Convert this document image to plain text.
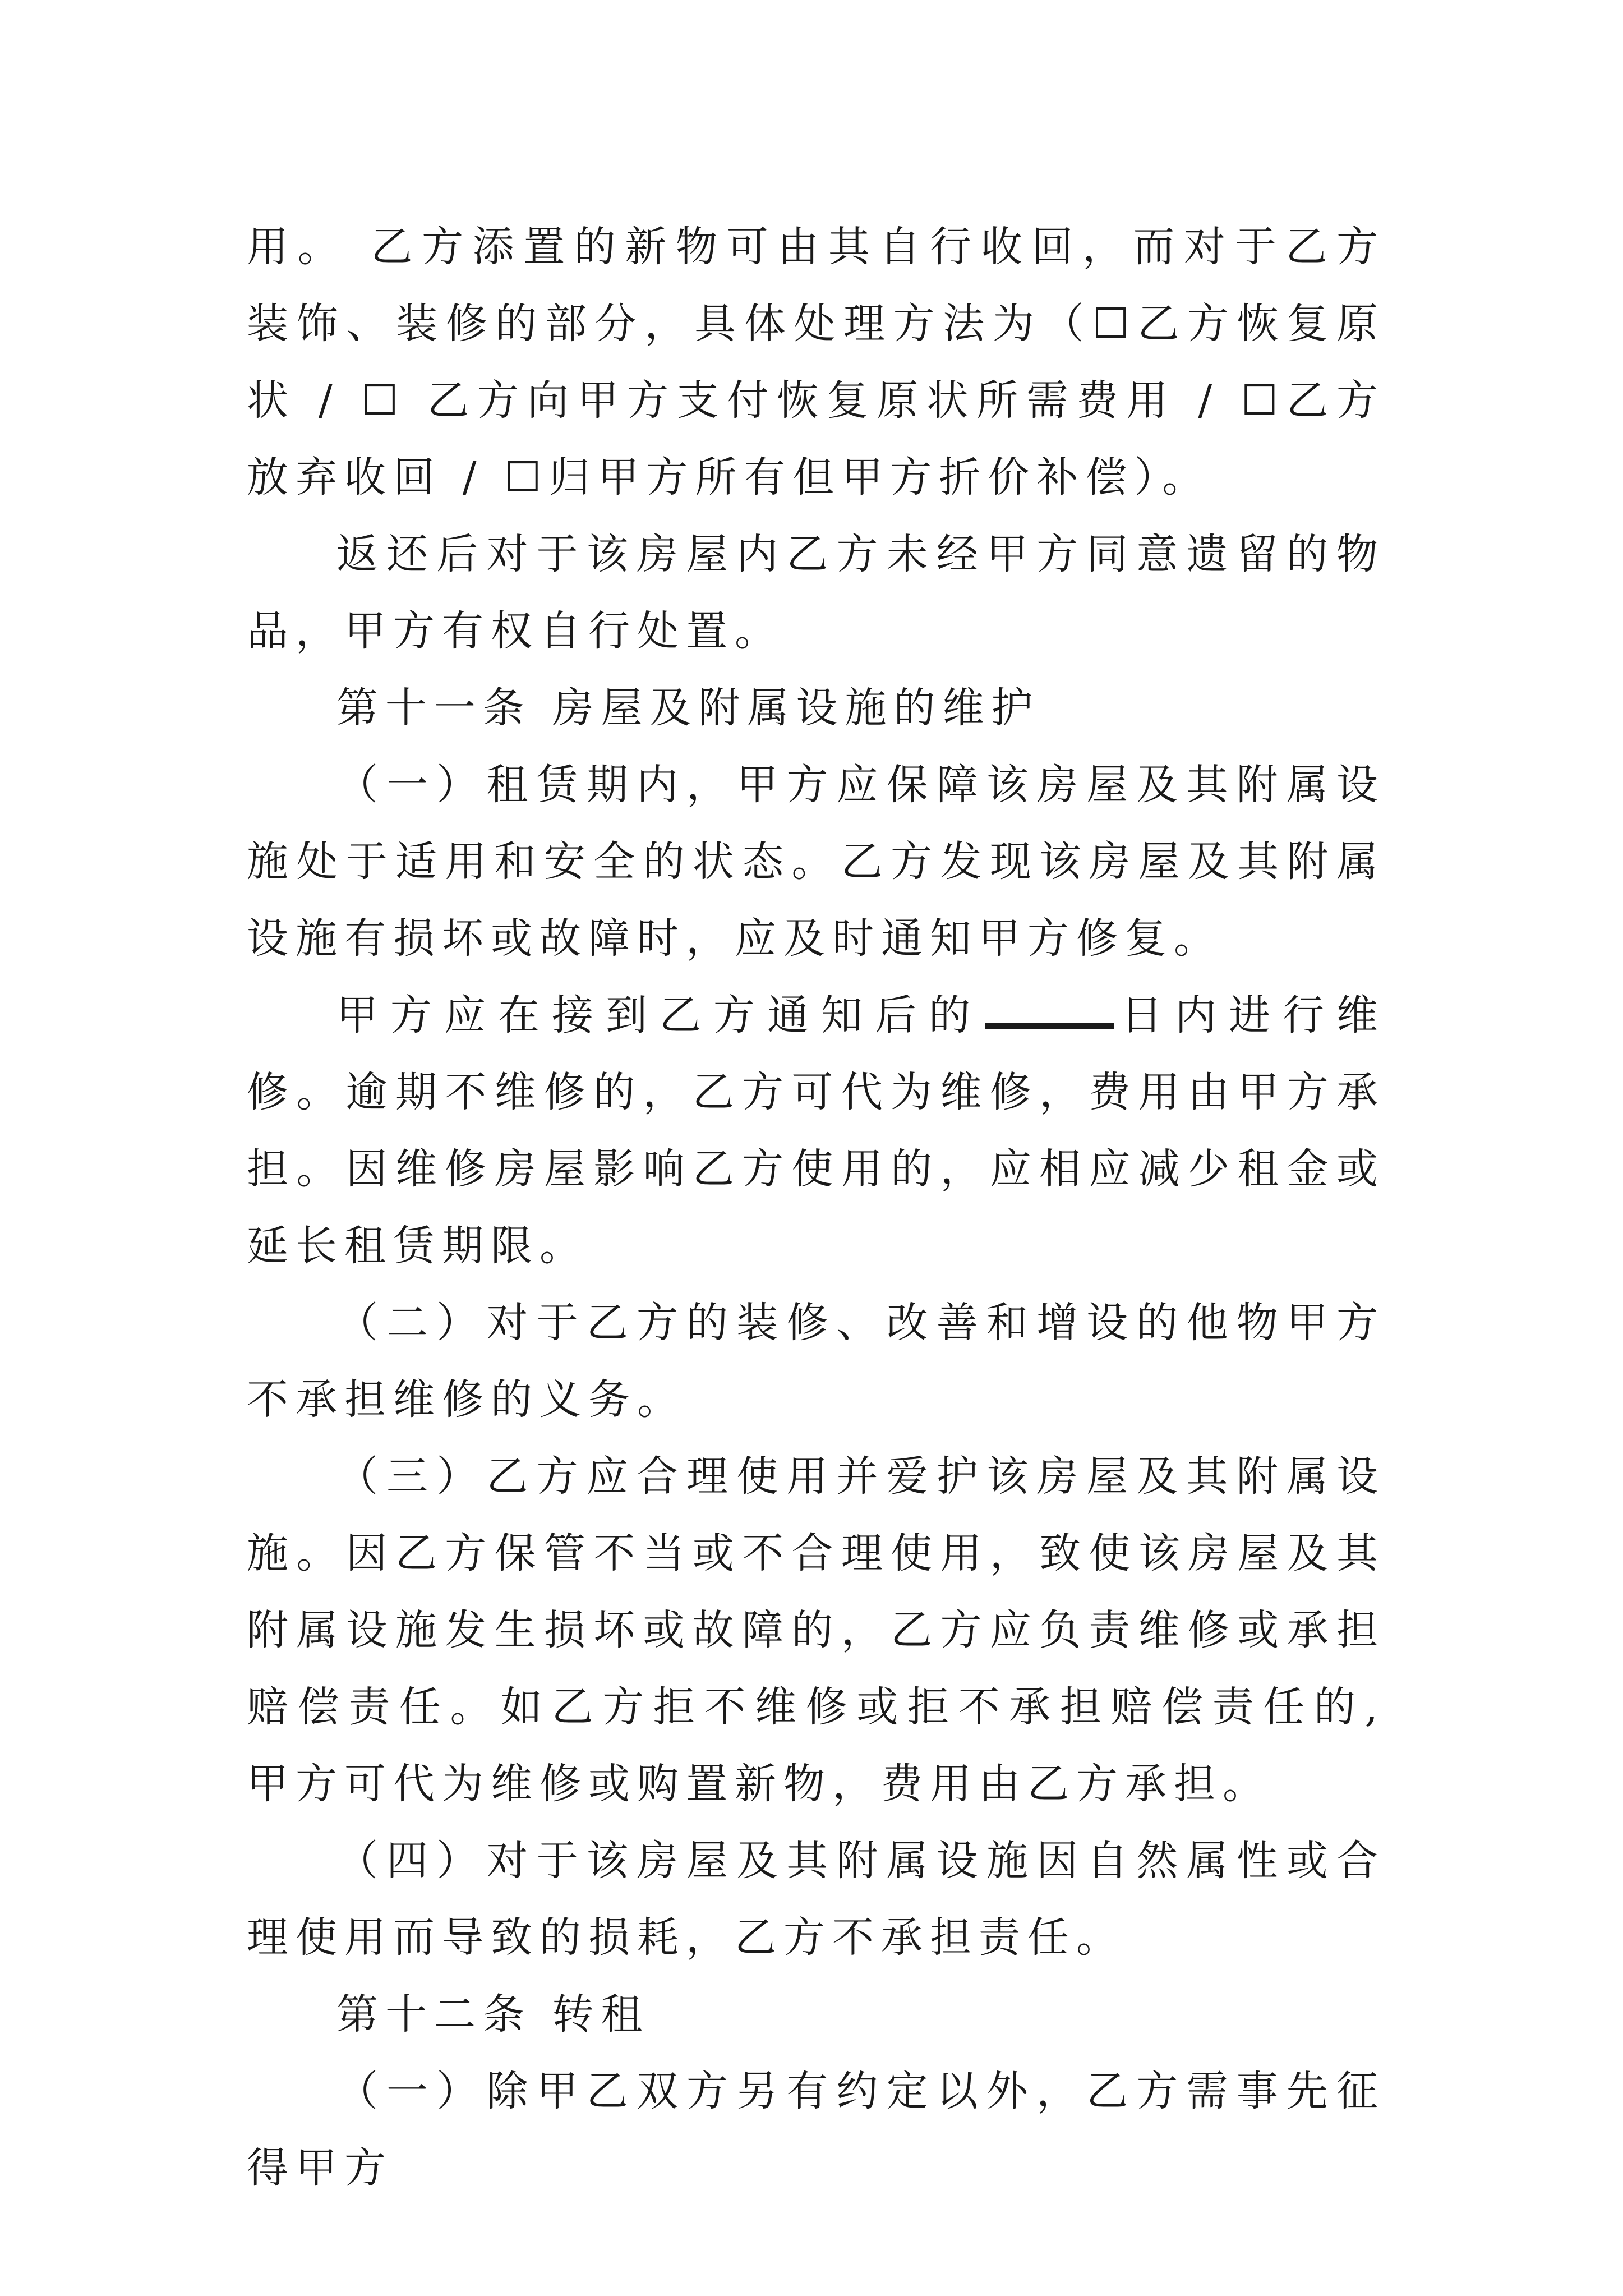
用。 乙方添置的新物可由其自行收回，而对于乙方装饰、装修的部分，具体处理方法为（☐乙方恢复原状 / ☐ 乙方向甲方支付恢复原状所需费用 / ☐乙方放弃收回 / ☐归甲方所有但甲方折价补偿）。

返还后对于该房屋内乙方未经甲方同意遗留的物品，甲方有权自行处置。

第十一条 房屋及附属设施的维护

（一）租赁期内，甲方应保障该房屋及其附属设施处于适用和安全的状态。乙方发现该房屋及其附属设施有损坏或故障时，应及时通知甲方修复。

甲方应在接到乙方通知后的	日内进行维修。逾期不维修的，乙方可代为维修，费用由甲方承担。因维修房屋影响乙方使用的，应相应减少租金或延长租赁期限。

（二）对于乙方的装修、改善和增设的他物甲方不承担维修的义务。

（三）乙方应合理使用并爱护该房屋及其附属设施。因乙方保管不当或不合理使用，致使该房屋及其附属设施发生损坏或故障的，乙方应负责维修或承担赔偿责任。如乙方拒不维修或拒不承担赔偿责任的,甲方可代为维修或购置新物，费用由乙方承担。

（四）对于该房屋及其附属设施因自然属性或合理使用而导致的损耗，乙方不承担责任。

第十二条 转租

（一）除甲乙双方另有约定以外，乙方需事先征得甲方
